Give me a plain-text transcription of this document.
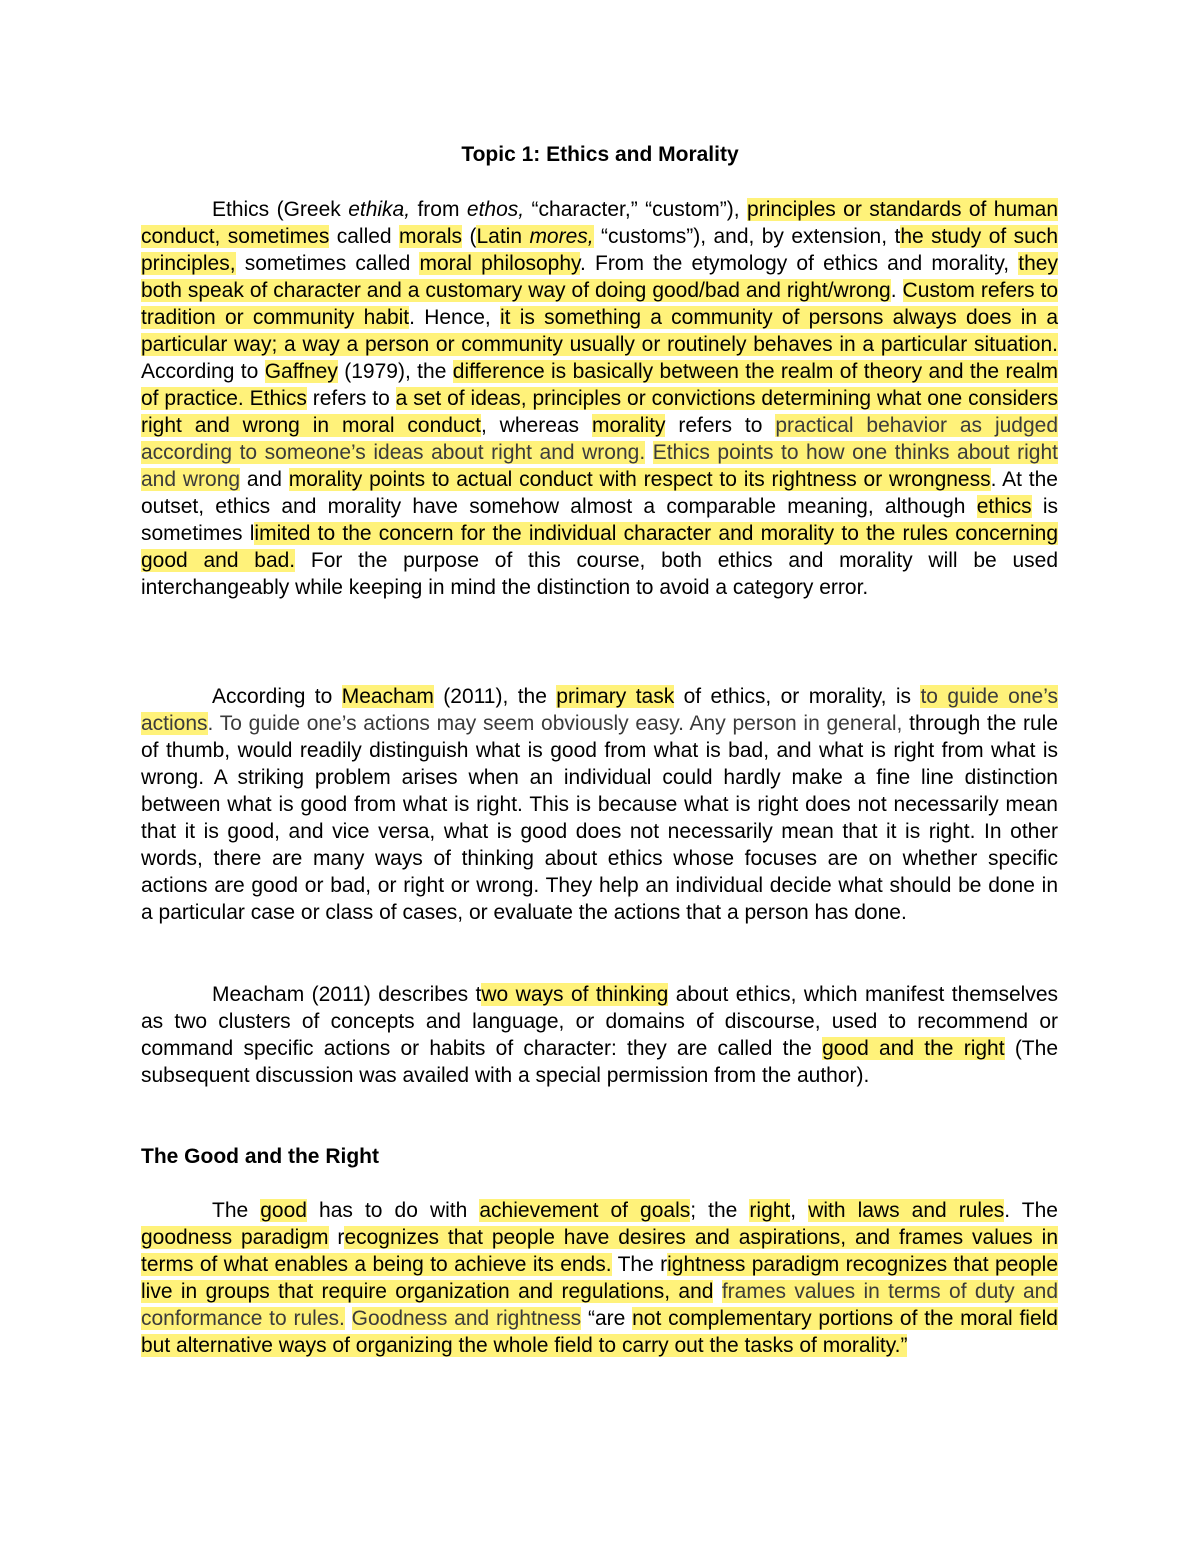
Topic 1: Ethics and Morality

Ethics (Greek ethika, from ethos, “character,” “custom”), principles or standards of human conduct, sometimes called morals (Latin mores, “customs”), and, by extension, the study of such principles, sometimes called moral philosophy. From the etymology of ethics and morality, they both speak of character and a customary way of doing good/bad and right/wrong. Custom refers to tradition or community habit. Hence, it is something a community of persons always does in a particular way; a way a person or community usually or routinely behaves in a particular situation. According to Gaffney (1979), the difference is basically between the realm of theory and the realm of practice. Ethics refers to a set of ideas, principles or convictions determining what one considers right and wrong in moral conduct, whereas morality refers to practical behavior as judged according to someone’s ideas about right and wrong. Ethics points to how one thinks about right and wrong and morality points to actual conduct with respect to its rightness or wrongness. At the outset, ethics and morality have somehow almost a comparable meaning, although ethics is sometimes limited to the concern for the individual character and morality to the rules concerning good and bad. For the purpose of this course, both ethics and morality will be used interchangeably while keeping in mind the distinction to avoid a category error.

According to Meacham (2011), the primary task of ethics, or morality, is to guide one’s actions. To guide one’s actions may seem obviously easy. Any person in general, through the rule of thumb, would readily distinguish what is good from what is bad, and what is right from what is wrong. A striking problem arises when an individual could hardly make a fine line distinction between what is good from what is right. This is because what is right does not necessarily mean that it is good, and vice versa, what is good does not necessarily mean that it is right. In other words, there are many ways of thinking about ethics whose focuses are on whether specific actions are good or bad, or right or wrong. They help an individual decide what should be done in a particular case or class of cases, or evaluate the actions that a person has done.

Meacham (2011) describes two ways of thinking about ethics, which manifest themselves as two clusters of concepts and language, or domains of discourse, used to recommend or command specific actions or habits of character: they are called the good and the right (The subsequent discussion was availed with a special permission from the author).

The Good and the Right

The good has to do with achievement of goals; the right, with laws and rules. The goodness paradigm recognizes that people have desires and aspirations, and frames values in terms of what enables a being to achieve its ends. The rightness paradigm recognizes that people live in groups that require organization and regulations, and frames values in terms of duty and conformance to rules. Goodness and rightness “are not complementary portions of the moral field but alternative ways of organizing the whole field to carry out the tasks of morality.”
